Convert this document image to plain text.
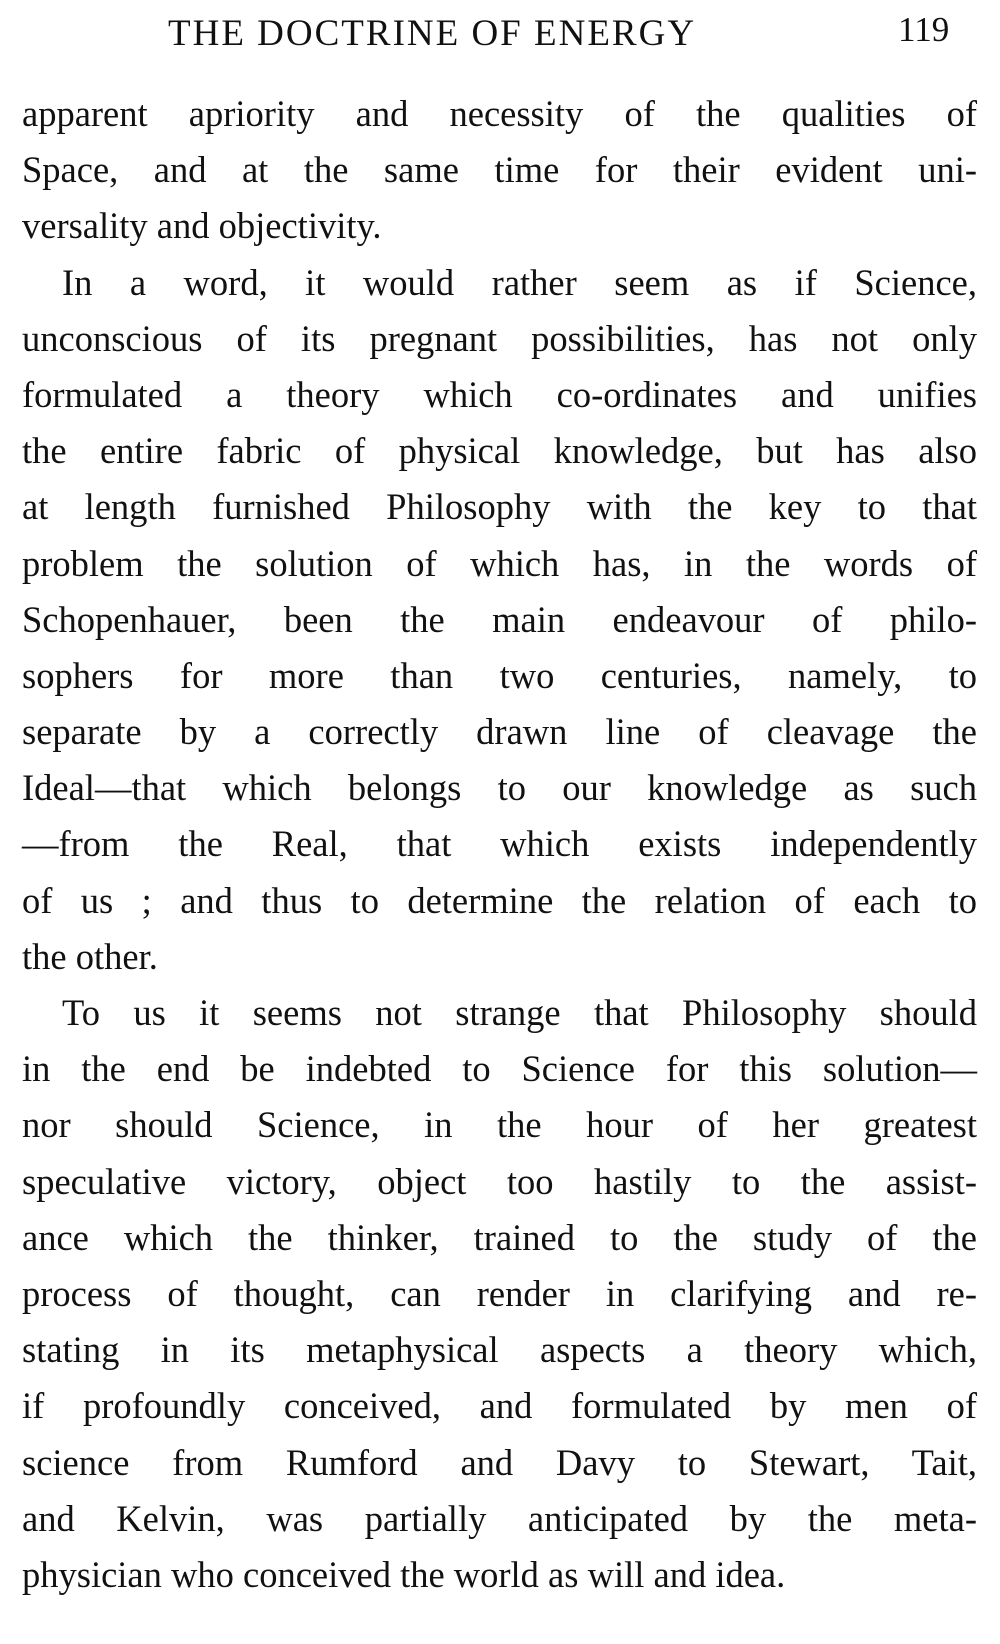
THE DOCTRINE OF ENERGY	119
apparent apriority and necessity of the qualities of
Space, and at the same time for their evident uni-
versality and objectivity.
In a word, it would rather seem as if Science,
unconscious of its pregnant possibilities, has not only
formulated a theory which co-ordinates and unifies
the entire fabric of physical knowledge, but has also
at length furnished Philosophy with the key to that
problem the solution of which has, in the words of
Schopenhauer, been the main endeavour of philo-
sophers for more than two centuries, namely, to
separate by a correctly drawn line of cleavage the
Ideal—that which belongs to our knowledge as such
—from the Real, that which exists independently
of us ; and thus to determine the relation of each to
the other.
To us it seems not strange that Philosophy should
in the end be indebted to Science for this solution—
nor should Science, in the hour of her greatest
speculative victory, object too hastily to the assist-
ance which the thinker, trained to the study of the
process of thought, can render in clarifying and re-
stating in its metaphysical aspects a theory which,
if profoundly conceived, and formulated by men of
science from Rumford and Davy to Stewart, Tait,
and Kelvin, was partially anticipated by the meta-
physician who conceived the world as will and idea.
